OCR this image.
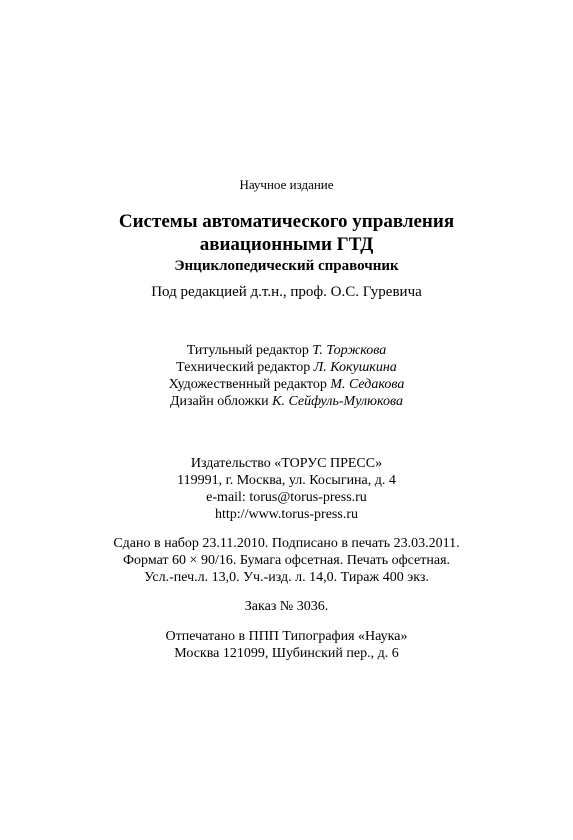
Научное издание
Системы автоматического управления
авиационными ГТД
Энциклопедический справочник
Под редакцией д.т.н., проф. О.С. Гуревича
Титульный редактор Т. Торжкова
Технический редактор Л. Кокушкина
Художественный редактор М. Седакова
Дизайн обложки К. Сейфуль-Мулюкова
Издательство «ТОРУС ПРЕСС»
119991, г. Москва, ул. Косыгина, д. 4
e-mail: torus@torus-press.ru
http://www.torus-press.ru
Сдано в набор 23.11.2010. Подписано в печать 23.03.2011.
Формат 60 × 90/16. Бумага офсетная. Печать офсетная.
Усл.-печ.л. 13,0. Уч.-изд. л. 14,0. Тираж 400 экз.
Заказ № 3036.
Отпечатано в ППП Типография «Наука»
Москва 121099, Шубинский пер., д. 6
